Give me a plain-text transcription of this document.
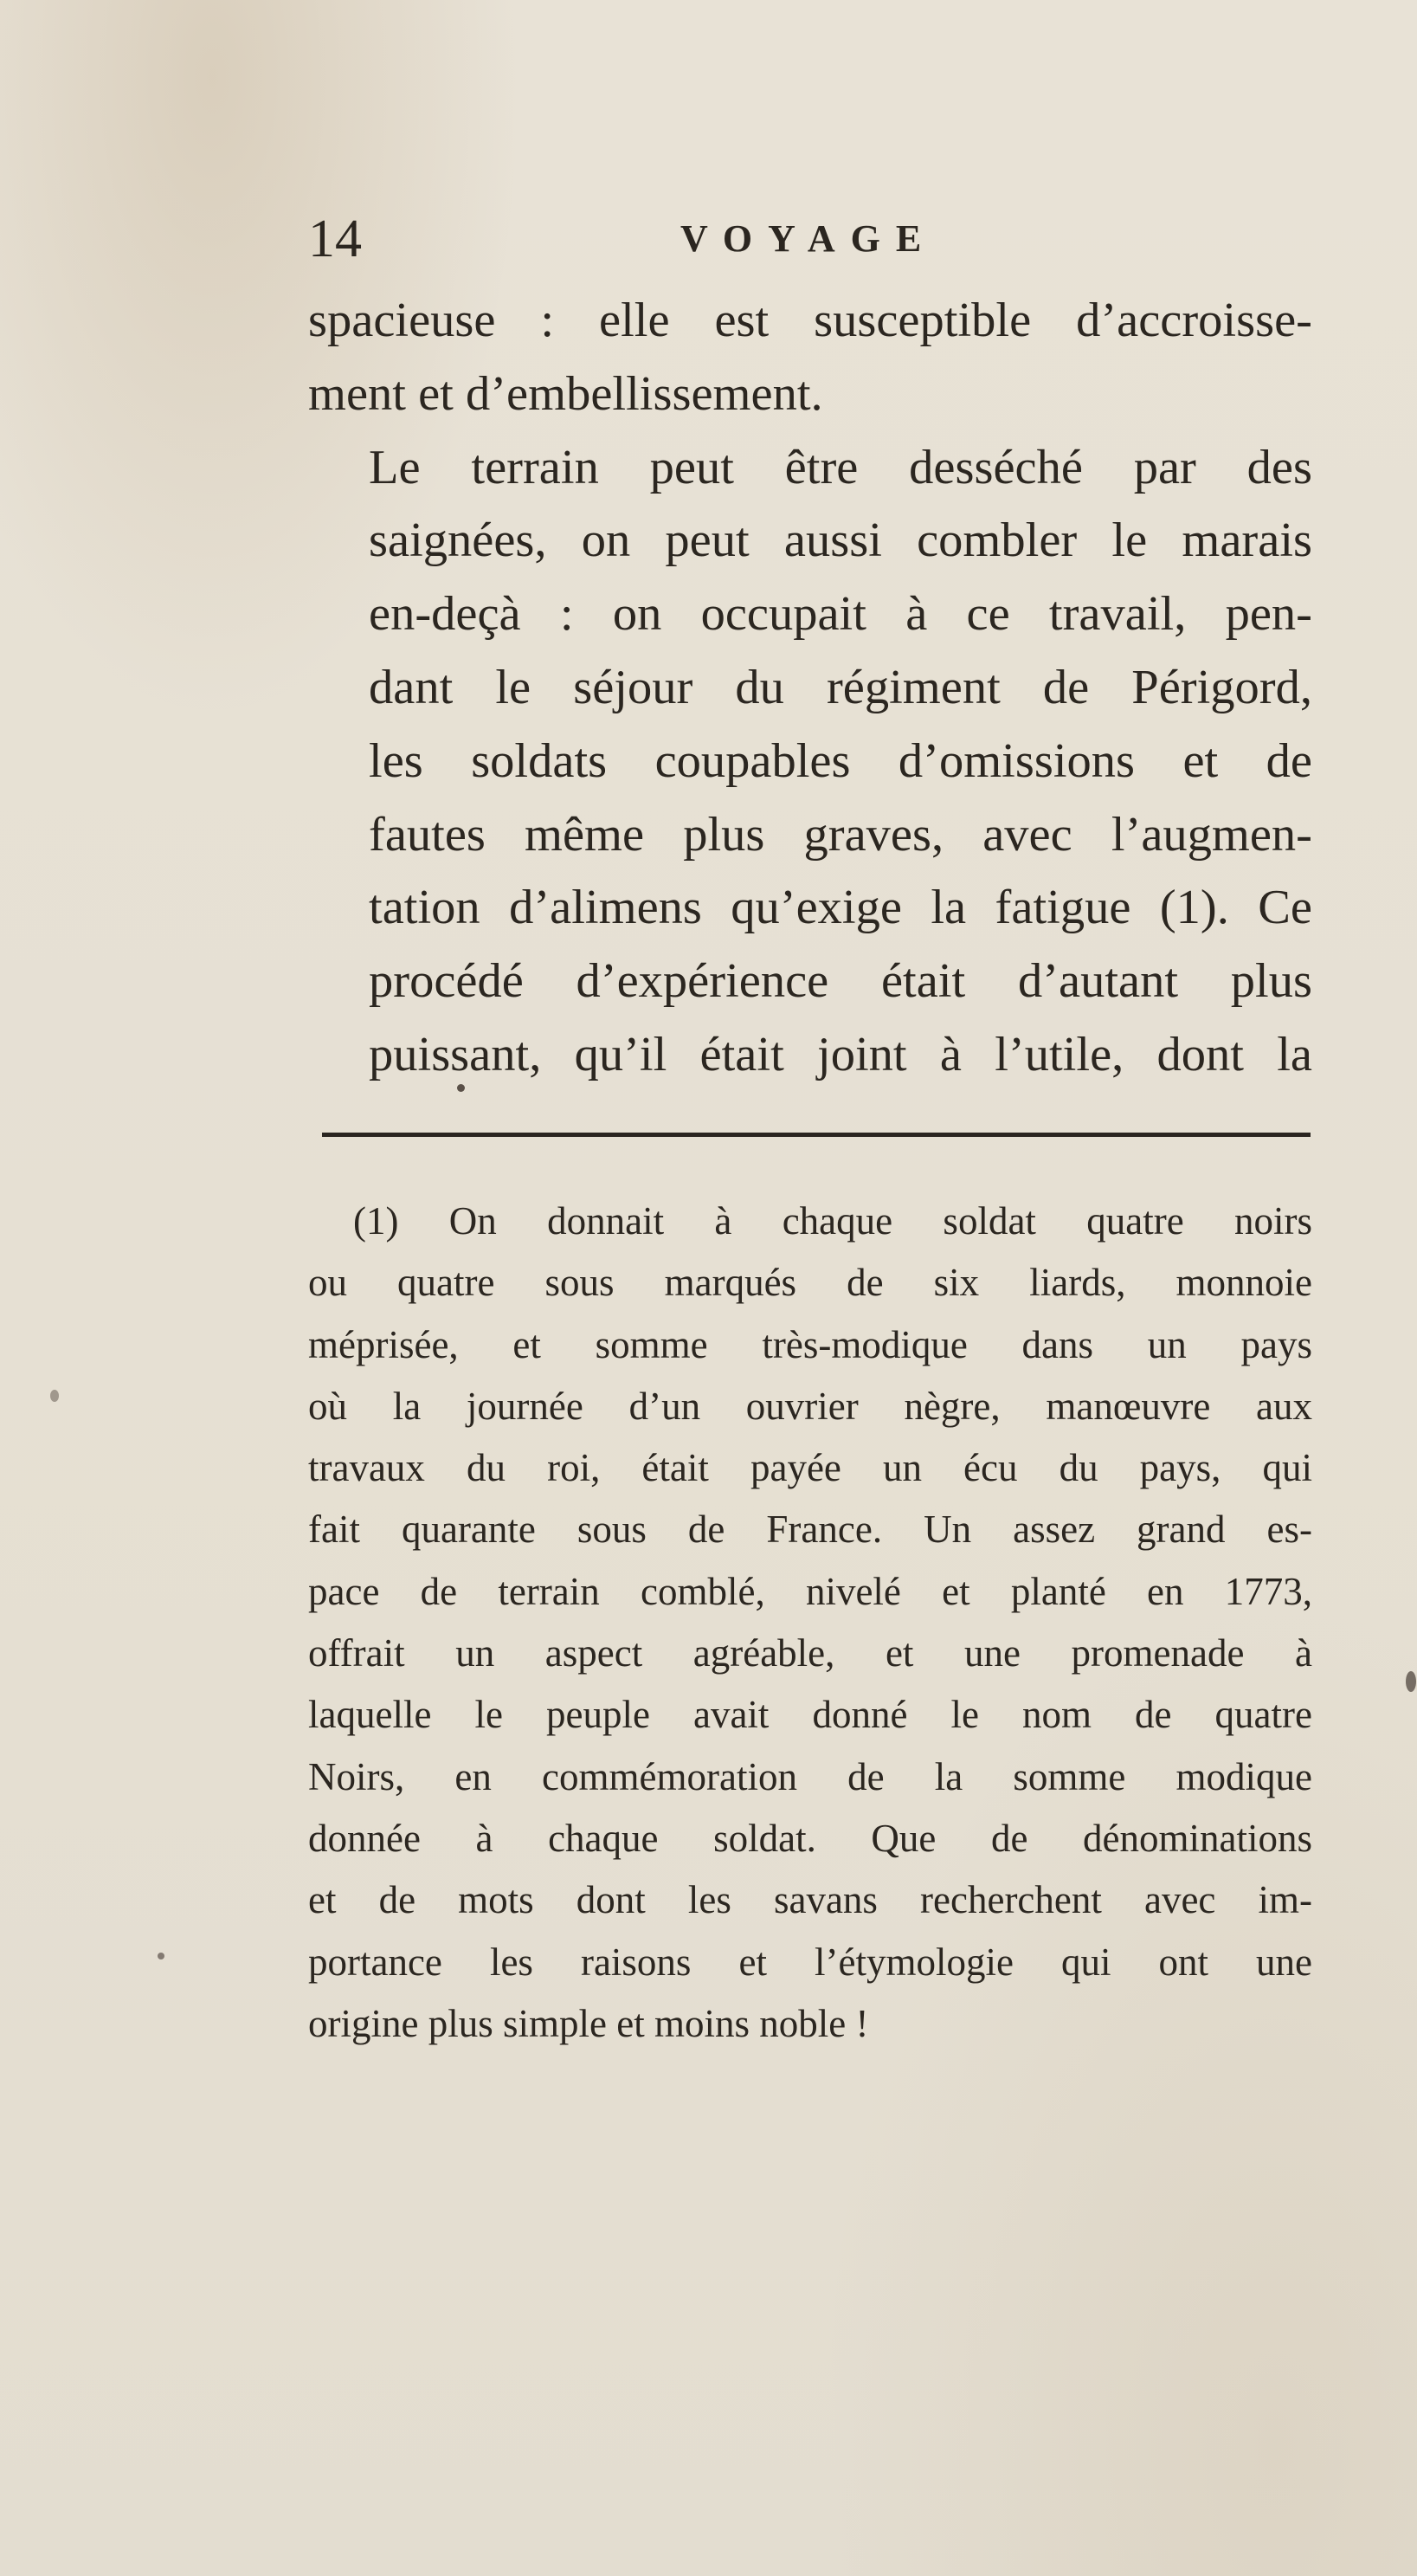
14	VOYAGE

spacieuse : elle est susceptible d’accroisse-
ment et d’embellissement.

Le terrain peut être desséché par des
saignées, on peut aussi combler le marais
en-deçà : on occupait à ce travail, pen-
dant le séjour du régiment de Périgord,
les soldats coupables d’omissions et de
fautes même plus graves, avec l’augmen-
tation d’alimens qu’exige la fatigue (1). Ce
procédé d’expérience était d’autant plus
puissant, qu’il était joint à l’utile, dont la

(1) On donnait à chaque soldat quatre noirs
ou quatre sous marqués de six liards, monnoie
méprisée, et somme très-modique dans un pays
où la journée d’un ouvrier nègre, manœuvre aux
travaux du roi, était payée un écu du pays, qui
fait quarante sous de France. Un assez grand es-
pace de terrain comblé, nivelé et planté en 1773,
offrait un aspect agréable, et une promenade à
laquelle le peuple avait donné le nom de quatre
Noirs, en commémoration de la somme modique
donnée à chaque soldat. Que de dénominations
et de mots dont les savans recherchent avec im-
portance les raisons et l’étymologie qui ont une
origine plus simple et moins noble !
